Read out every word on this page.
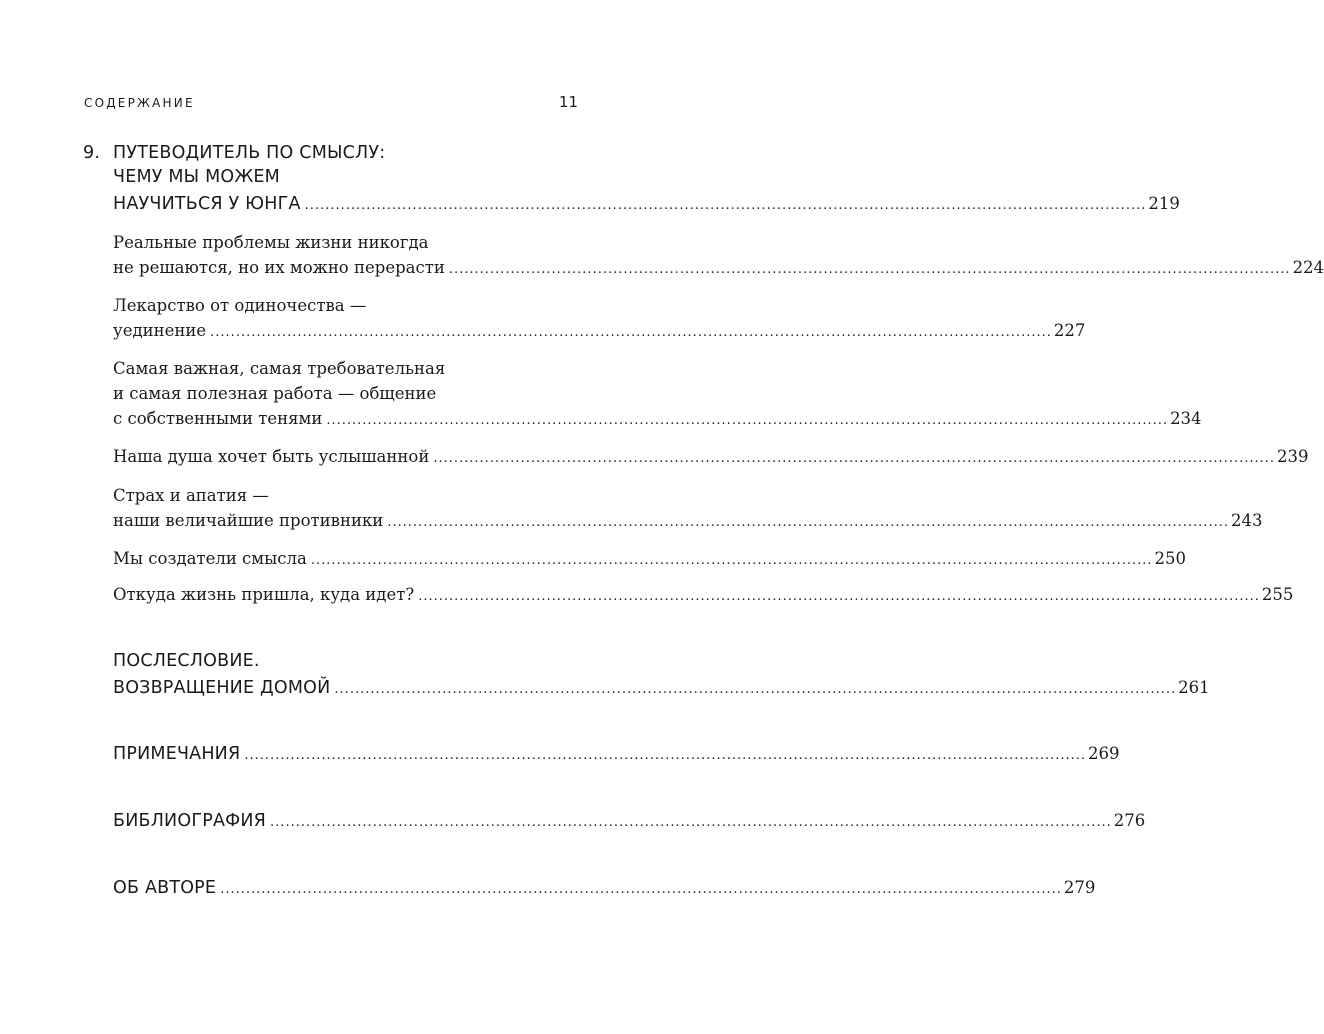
СОДЕРЖАНИЕ	11
9. ПУТЕВОДИТЕЛЬ ПО СМЫСЛУ:
ЧЕМУ МЫ МОЖЕМ
НАУЧИТЬСЯ У ЮНГА .................................................................................................................................................................... 219
Реальные проблемы жизни никогда
не решаются, но их можно перерасти .................................................................................................................................................................... 224
Лекарство от одиночества —
уединение .................................................................................................................................................................... 227
Самая важная, самая требовательная
и самая полезная работа — общение
с собственными тенями .................................................................................................................................................................... 234
Наша душа хочет быть услышанной .................................................................................................................................................................... 239
Страх и апатия —
наши величайшие противники .................................................................................................................................................................... 243
Мы создатели смысла .................................................................................................................................................................... 250
Откуда жизнь пришла, куда идет? .................................................................................................................................................................... 255
ПОСЛЕСЛОВИЕ.
ВОЗВРАЩЕНИЕ ДОМОЙ .................................................................................................................................................................... 261
ПРИМЕЧАНИЯ .................................................................................................................................................................... 269
БИБЛИОГРАФИЯ .................................................................................................................................................................... 276
ОБ АВТОРЕ .................................................................................................................................................................... 279
